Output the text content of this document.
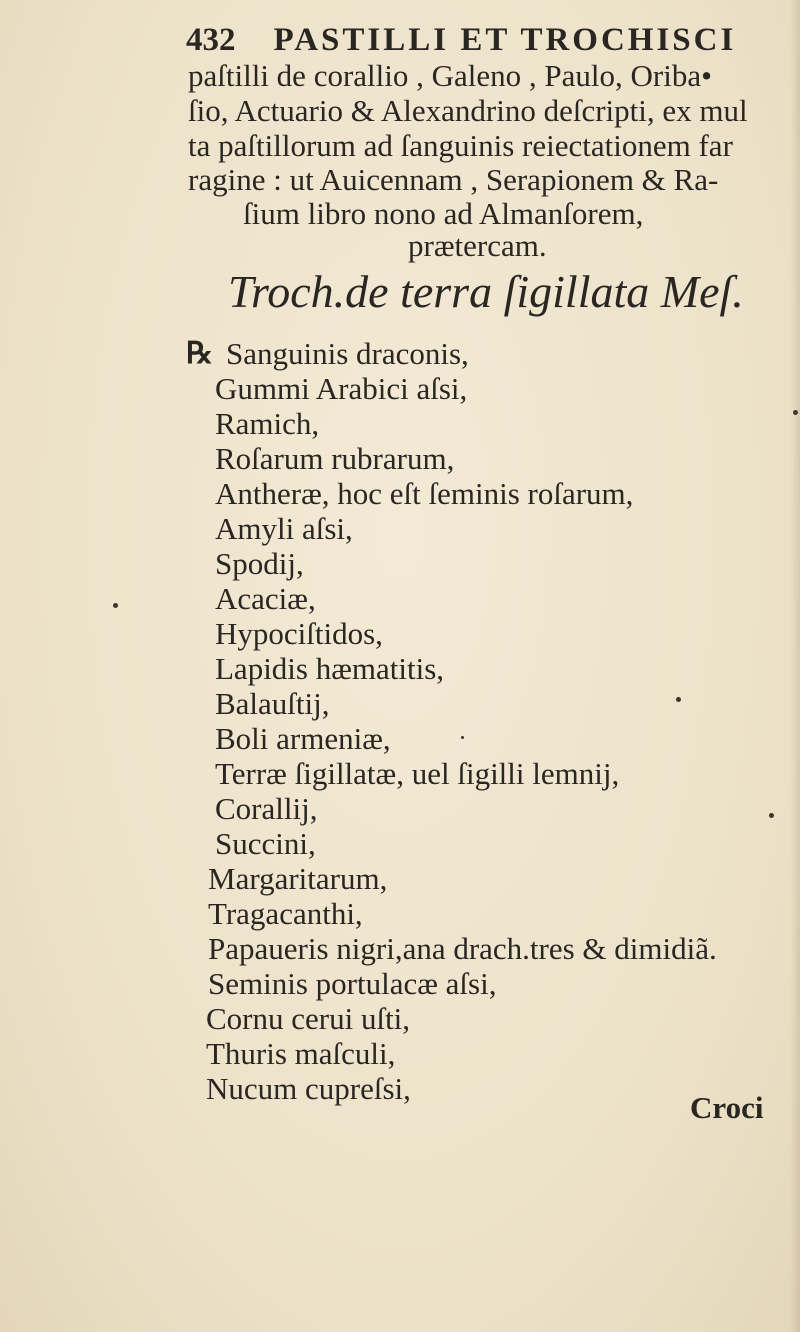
432 PASTILLI ET TROCHISCI
paſtilli de corallio , Galeno , Paulo, Oriba•
ſio, Actuario & Alexandrino deſcripti, ex mul
ta paſtillorum ad ſanguinis reiectationem far
ragine : ut Auicennam , Serapionem & Ra-
ſium libro nono ad Almanſorem,
prætercam.
Troch.de terra ſigillata Meſ.
℞ Sanguinis draconis,
Gummi Arabici aſsi,
Ramich,
Roſarum rubrarum,
Antheræ, hoc eſt ſeminis roſarum,
Amyli aſsi,
Spodij,
Acaciæ,
Hypociſtidos,
Lapidis hæmatitis,
Balauſtij,
Boli armeniæ,
Terræ ſigillatæ, uel ſigilli lemnij,
Corallij,
Succini,
Margaritarum,
Tragacanthi,
Papaueris nigri,ana drach.tres & dimidiã.
Seminis portulacæ aſsi,
Cornu cerui uſti,
Thuris maſculi,
Nucum cupreſsi,
Croci
